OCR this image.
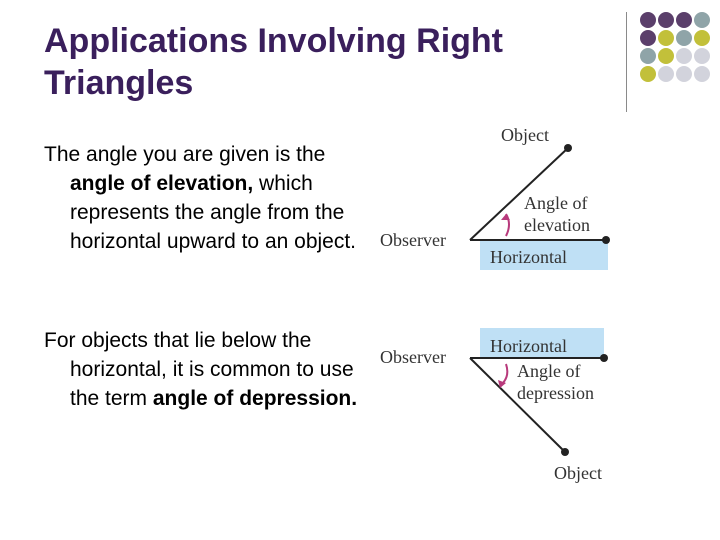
Applications Involving Right Triangles

The angle you are given is the angle of elevation, which represents the angle from the horizontal upward to an object.

For objects that lie below the horizontal, it is common to use the term angle of depression.

Object
Observer
Angle of
elevation
Horizontal
Horizontal
Observer
Angle of
depression
Object
